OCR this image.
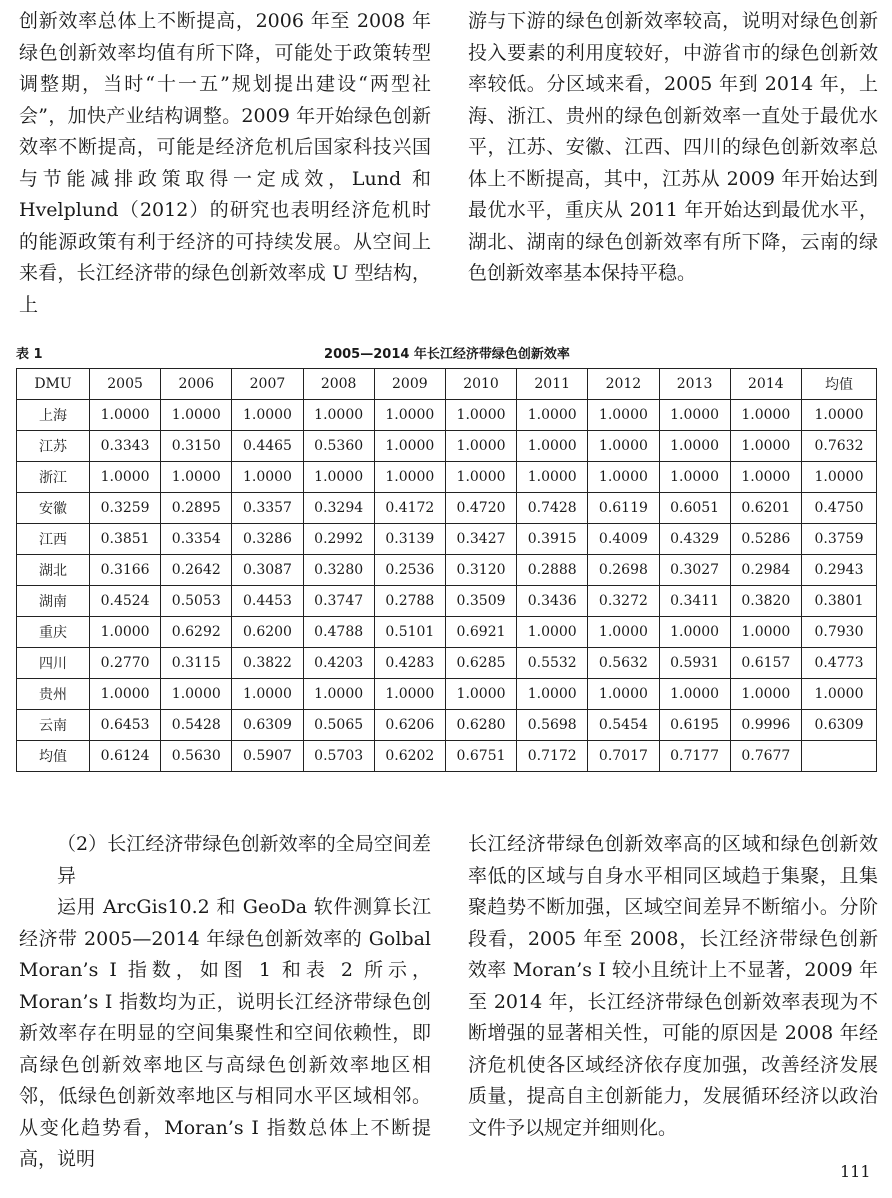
创新效率总体上不断提高，2006 年至 2008 年绿色创新效率均值有所下降，可能处于政策转型调整期，当时“十一五”规划提出建设“两型社会”，加快产业结构调整。2009 年开始绿色创新效率不断提高，可能是经济危机后国家科技兴国与节能减排政策取得一定成效，Lund 和 Hvelplund（2012）的研究也表明经济危机时的能源政策有利于经济的可持续发展。从空间上来看，长江经济带的绿色创新效率成 U 型结构，上

游与下游的绿色创新效率较高，说明对绿色创新投入要素的利用度较好，中游省市的绿色创新效率较低。分区域来看，2005 年到 2014 年，上海、浙江、贵州的绿色创新效率一直处于最优水平，江苏、安徽、江西、四川的绿色创新效率总体上不断提高，其中，江苏从 2009 年开始达到最优水平，重庆从 2011 年开始达到最优水平，湖北、湖南的绿色创新效率有所下降，云南的绿色创新效率基本保持平稳。

表 1	2005—2014 年长江经济带绿色创新效率
DMU	2005	2006	2007	2008	2009	2010	2011	2012	2013	2014	均值
上海	1.0000	1.0000	1.0000	1.0000	1.0000	1.0000	1.0000	1.0000	1.0000	1.0000	1.0000
江苏	0.3343	0.3150	0.4465	0.5360	1.0000	1.0000	1.0000	1.0000	1.0000	1.0000	0.7632
浙江	1.0000	1.0000	1.0000	1.0000	1.0000	1.0000	1.0000	1.0000	1.0000	1.0000	1.0000
安徽	0.3259	0.2895	0.3357	0.3294	0.4172	0.4720	0.7428	0.6119	0.6051	0.6201	0.4750
江西	0.3851	0.3354	0.3286	0.2992	0.3139	0.3427	0.3915	0.4009	0.4329	0.5286	0.3759
湖北	0.3166	0.2642	0.3087	0.3280	0.2536	0.3120	0.2888	0.2698	0.3027	0.2984	0.2943
湖南	0.4524	0.5053	0.4453	0.3747	0.2788	0.3509	0.3436	0.3272	0.3411	0.3820	0.3801
重庆	1.0000	0.6292	0.6200	0.4788	0.5101	0.6921	1.0000	1.0000	1.0000	1.0000	0.7930
四川	0.2770	0.3115	0.3822	0.4203	0.4283	0.6285	0.5532	0.5632	0.5931	0.6157	0.4773
贵州	1.0000	1.0000	1.0000	1.0000	1.0000	1.0000	1.0000	1.0000	1.0000	1.0000	1.0000
云南	0.6453	0.5428	0.6309	0.5065	0.6206	0.6280	0.5698	0.5454	0.6195	0.9996	0.6309
均值	0.6124	0.5630	0.5907	0.5703	0.6202	0.6751	0.7172	0.7017	0.7177	0.7677	

（2）长江经济带绿色创新效率的全局空间差异

运用 ArcGis10.2 和 GeoDa 软件测算长江经济带 2005—2014 年绿色创新效率的 Golbal Moran’s I 指数，如图 1 和表 2 所示，Moran’s I 指数均为正，说明长江经济带绿色创新效率存在明显的空间集聚性和空间依赖性，即高绿色创新效率地区与高绿色创新效率地区相邻，低绿色创新效率地区与相同水平区域相邻。从变化趋势看，Moran’s I 指数总体上不断提高，说明

长江经济带绿色创新效率高的区域和绿色创新效率低的区域与自身水平相同区域趋于集聚，且集聚趋势不断加强，区域空间差异不断缩小。分阶段看，2005 年至 2008，长江经济带绿色创新效率 Moran’s I 较小且统计上不显著，2009 年至 2014 年，长江经济带绿色创新效率表现为不断增强的显著相关性，可能的原因是 2008 年经济危机使各区域经济依存度加强，改善经济发展质量，提高自主创新能力，发展循环经济以政治文件予以规定并细则化。

111
